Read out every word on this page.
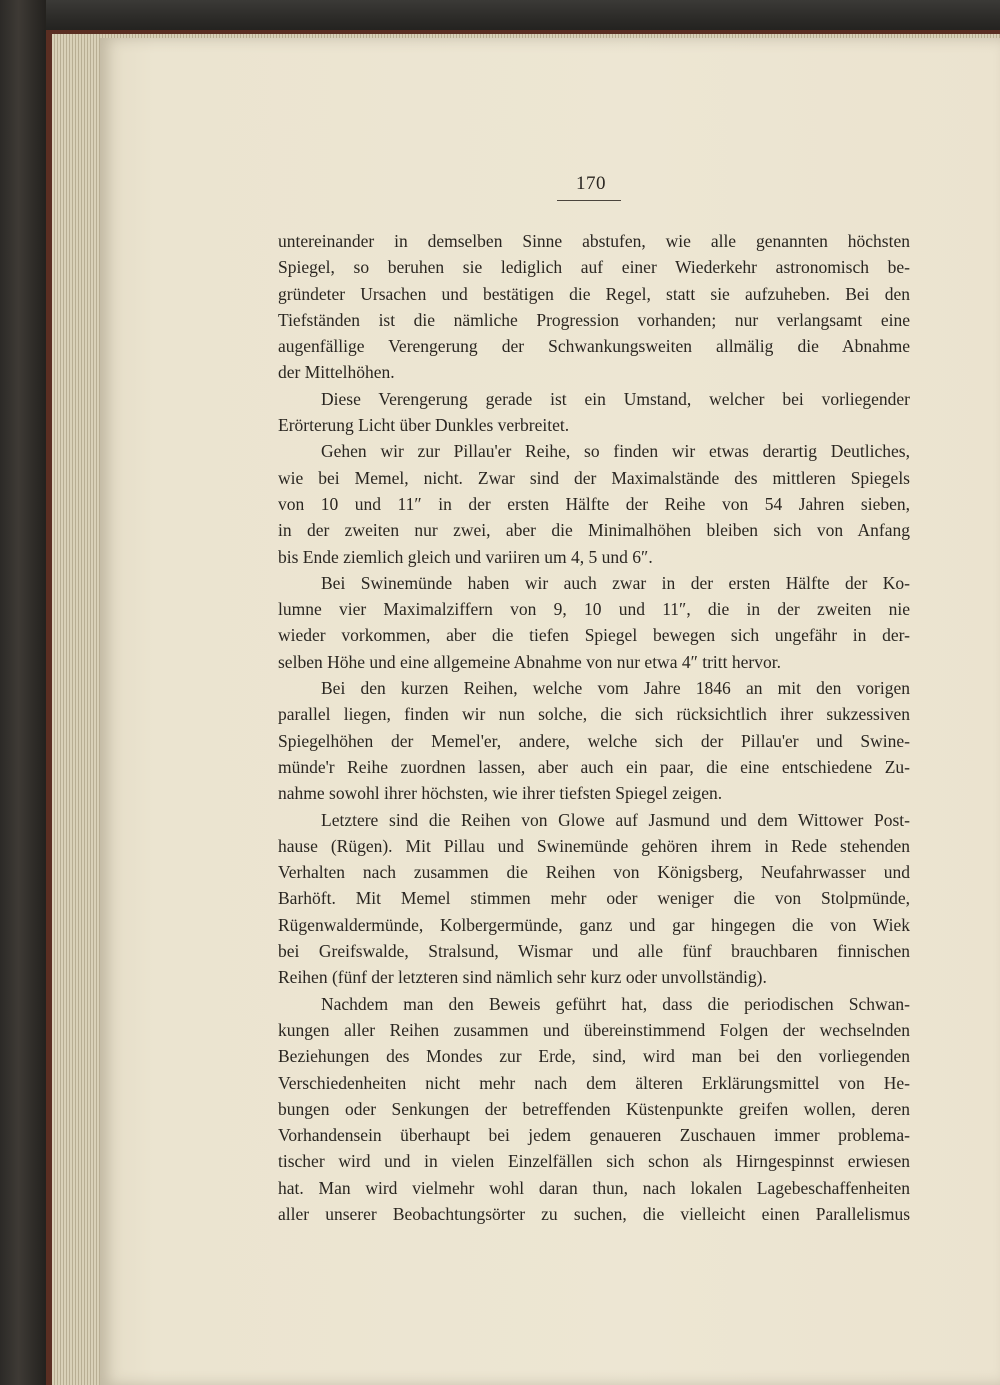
170
untereinander in demselben Sinne abstufen, wie alle genannten höchsten
Spiegel, so beruhen sie lediglich auf einer Wiederkehr astronomisch be-
gründeter Ursachen und bestätigen die Regel, statt sie aufzuheben. Bei den
Tiefständen ist die nämliche Progression vorhanden; nur verlangsamt eine
augenfällige Verengerung der Schwankungsweiten allmälig die Abnahme
der Mittelhöhen.
Diese Verengerung gerade ist ein Umstand, welcher bei vorliegender
Erörterung Licht über Dunkles verbreitet.
Gehen wir zur Pillau'er Reihe, so finden wir etwas derartig Deutliches,
wie bei Memel, nicht. Zwar sind der Maximalstände des mittleren Spiegels
von 10 und 11″ in der ersten Hälfte der Reihe von 54 Jahren sieben,
in der zweiten nur zwei, aber die Minimalhöhen bleiben sich von Anfang
bis Ende ziemlich gleich und variiren um 4, 5 und 6″.
Bei Swinemünde haben wir auch zwar in der ersten Hälfte der Ko-
lumne vier Maximalziffern von 9, 10 und 11″, die in der zweiten nie
wieder vorkommen, aber die tiefen Spiegel bewegen sich ungefähr in der-
selben Höhe und eine allgemeine Abnahme von nur etwa 4″ tritt hervor.
Bei den kurzen Reihen, welche vom Jahre 1846 an mit den vorigen
parallel liegen, finden wir nun solche, die sich rücksichtlich ihrer sukzessiven
Spiegelhöhen der Memel'er, andere, welche sich der Pillau'er und Swine-
münde'r Reihe zuordnen lassen, aber auch ein paar, die eine entschiedene Zu-
nahme sowohl ihrer höchsten, wie ihrer tiefsten Spiegel zeigen.
Letztere sind die Reihen von Glowe auf Jasmund und dem Wittower Post-
hause (Rügen). Mit Pillau und Swinemünde gehören ihrem in Rede stehenden
Verhalten nach zusammen die Reihen von Königsberg, Neufahrwasser und
Barhöft. Mit Memel stimmen mehr oder weniger die von Stolpmünde,
Rügenwaldermünde, Kolbergermünde, ganz und gar hingegen die von Wiek
bei Greifswalde, Stralsund, Wismar und alle fünf brauchbaren finnischen
Reihen (fünf der letzteren sind nämlich sehr kurz oder unvollständig).
Nachdem man den Beweis geführt hat, dass die periodischen Schwan-
kungen aller Reihen zusammen und übereinstimmend Folgen der wechselnden
Beziehungen des Mondes zur Erde, sind, wird man bei den vorliegenden
Verschiedenheiten nicht mehr nach dem älteren Erklärungsmittel von He-
bungen oder Senkungen der betreffenden Küstenpunkte greifen wollen, deren
Vorhandensein überhaupt bei jedem genaueren Zuschauen immer problema-
tischer wird und in vielen Einzelfällen sich schon als Hirngespinnst erwiesen
hat. Man wird vielmehr wohl daran thun, nach lokalen Lagebeschaffenheiten
aller unserer Beobachtungsörter zu suchen, die vielleicht einen Parallelismus
